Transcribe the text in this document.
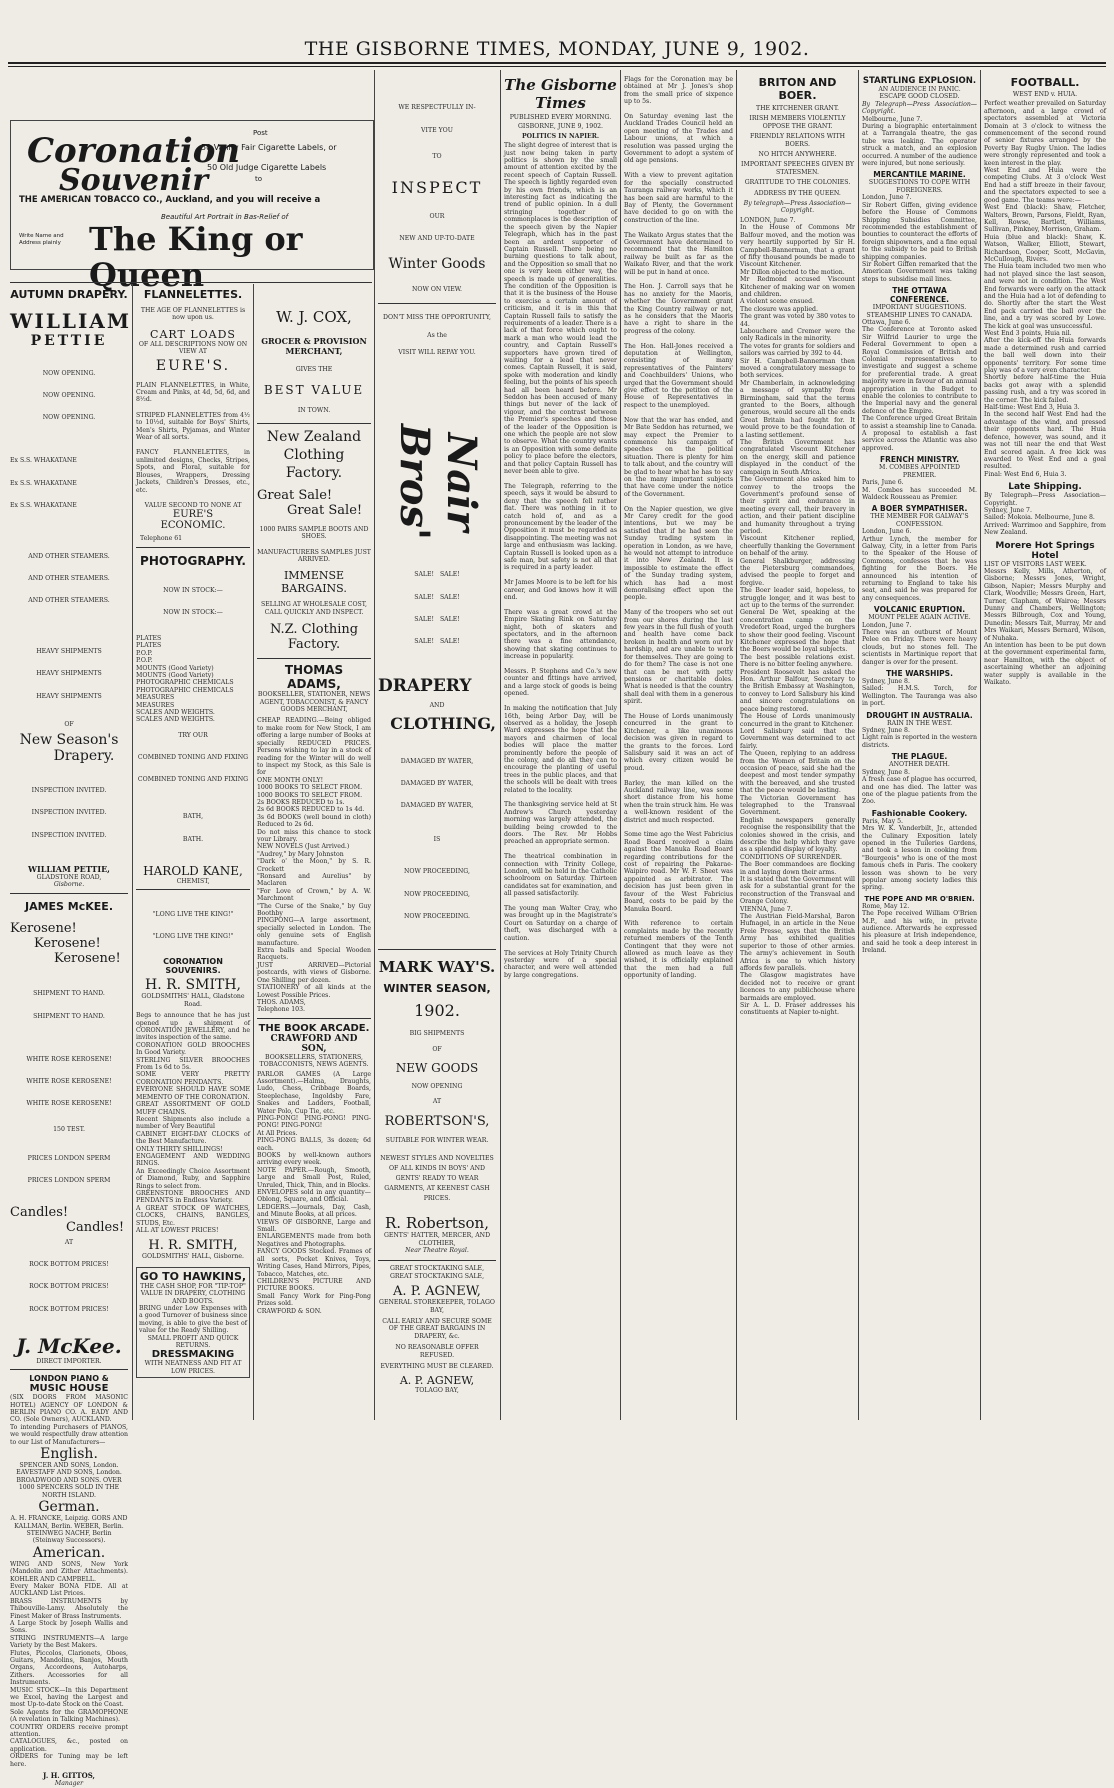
THE GISBORNE TIMES, MONDAY, JUNE 9, 1902.
Coronation
Souvenir
Post
50 Vanity Fair Cigarette Labels, or
50 Old Judge Cigarette Labels
to
THE AMERICAN TOBACCO CO., Auckland, and you will receive a
Beautiful Art Portrait in Bas-Relief of
Write Name and Address plainly The King or Queen
AUTUMN DRAPERY.
WILLIAM
PETTIE

NOW OPENING.

NOW OPENING.

NOW OPENING.

Ex S.S. WHAKATANE

Ex S.S. WHAKATANE

Ex S.S. WHAKATANE

AND OTHER STEAMERS.

AND OTHER STEAMERS.

AND OTHER STEAMERS.

HEAVY SHIPMENTS

HEAVY SHIPMENTS

HEAVY SHIPMENTS

OF
New Season's
Drapery.

INSPECTION INVITED.

INSPECTION INVITED.

INSPECTION INVITED.

WILLIAM PETTIE,
GLADSTONE ROAD,
Gisborne.
JAMES McKEE.
Kerosene!
Kerosene!
Kerosene!

SHIPMENT TO HAND.

SHIPMENT TO HAND.

WHITE ROSE KEROSENE!

WHITE ROSE KEROSENE!

WHITE ROSE KEROSENE!

150 TEST.

PRICES LONDON SPERM

PRICES LONDON SPERM

Candles!
Candles!
AT

ROCK BOTTOM PRICES!

ROCK BOTTOM PRICES!

ROCK BOTTOM PRICES!

J. McKee.
DIRECT IMPORTER.
LONDON PIANO &
MUSIC HOUSE
(SIX DOORS FROM MASONIC HOTEL) AGENCY OF LONDON & BERLIN PIANO CO. A. EADY AND CO. (Sole Owners), AUCKLAND.
To intending Purchasers of PIANOS, we would respectfully draw attention to our List of Manufacturers—
English.
SPENCER AND SONS, London. EAVESTAFF AND SONS, London. BROADWOOD AND SONS. OVER 1000 SPENCERS SOLD IN THE NORTH ISLAND.
German.
A. H. FRANCKE, Leipzig. GORS AND KALLMAN, Berlin. WEBER, Berlin. STEINWEG NACHF, Berlin (Steinway Successors).
American.
WING AND SONS, New York (Mandolin and Zither Attachments). KOHLER AND CAMPBELL.
Every Maker BONA FIDE. All at AUCKLAND List Prices.
BRASS INSTRUMENTS by Thibouville-Lamy. Absolutely the Finest Maker of Brass Instruments.
A Large Stock by Joseph Wallis and Sons.
STRING INSTRUMENTS—A large Variety by the Best Makers.
Flutes, Piccolos, Clarionets, Oboes, Guitars, Mandolins, Banjos, Mouth Organs, Accordeons, Autoharps, Zithers. Accessories for all Instruments.
MUSIC STOCK—In this Department we Excel, having the Largest and most Up-to-date Stock on the Coast.
Sole Agents for the GRAMOPHONE (A revelation in Talking Machines).
COUNTRY ORDERS receive prompt attention.
CATALOGUES, &c., posted on application.
ORDERS for Tuning may be left here.
J. H. GITTOS,
Manager
FLANNELETTES.
THE AGE OF FLANNELETTES is now upon us.
CART LOADS
OF ALL DESCRIPTIONS NOW ON VIEW AT
EURE'S.
PLAIN FLANNELETTES, in White, Cream and Pinks, at 4d, 5d, 6d, and 8½d.
STRIPED FLANNELETTES from 4½ to 10½d, suitable for Boys' Shirts, Men's Shirts, Pyjamas, and Winter Wear of all sorts.
FANCY FLANNELETTES, in unlimited designs, Checks, Stripes, Spots, and Floral, suitable for Blouses, Wrappers, Dressing Jackets, Children's Dresses, etc., etc.
VALUE SECOND TO NONE AT
EURE'S
ECONOMIC.
Telephone 61
PHOTOGRAPHY.

NOW IN STOCK:—

NOW IN STOCK:—

PLATES
PLATES
P.O.P.
P.O.P.
MOUNTS (Good Variety)
MOUNTS (Good Variety)
PHOTOGRAPHIC CHEMICALS
PHOTOGRAPHIC CHEMICALS
MEASURES
MEASURES
SCALES AND WEIGHTS.
SCALES AND WEIGHTS.
TRY OUR

COMBINED TONING AND FIXING

COMBINED TONING AND FIXING

BATH,

BATH.

HAROLD KANE,
CHEMIST,

"LONG LIVE THE KING!"

"LONG LIVE THE KING!"

CORONATION SOUVENIRS.
H. R. SMITH,
GOLDSMITHS' HALL, Gladstone Road.
Begs to announce that he has just opened up a shipment of CORONATION JEWELLERY, and he invites inspection of the same.
CORONATION GOLD BROOCHES In Good Variety.
STERLING SILVER BROOCHES From 1s 6d to 5s.
SOME VERY PRETTY CORONATION PENDANTS.
EVERYONE SHOULD HAVE SOME MEMENTO OF THE CORONATION.
GREAT ASSORTMENT OF GOLD MUFF CHAINS.
Recent Shipments also include a number of Very Beautiful
CABINET EIGHT-DAY CLOCKS of the Best Manufacture.
ONLY THIRTY SHILLINGS!
ENGAGEMENT AND WEDDING RINGS.
An Exceedingly Choice Assortment of Diamond, Ruby, and Sapphire Rings to select from.
GREENSTONE BROOCHES AND PENDANTS in Endless Variety.
A GREAT STOCK OF WATCHES, CLOCKS, CHAINS, BANGLES, STUDS, Etc.
ALL AT LOWEST PRICES!
H. R. SMITH,
GOLDSMITHS' HALL, Gisborne.
GO TO HAWKINS,
THE CASH SHOP, FOR "TIP-TOP" VALUE IN DRAPERY, CLOTHING AND BOOTS.
BRING under Low Expenses with a good Turnover of business since moving, is able to give the best of value for the Ready Shilling.
SMALL PROFIT AND QUICK RETURNS.
DRESSMAKING
WITH NEATNESS AND FIT AT LOW PRICES.
W. J. COX,
GROCER & PROVISION MERCHANT,
GIVES THE
BEST VALUE
IN TOWN.
New Zealand Clothing Factory.
Great Sale!
Great Sale!
1000 PAIRS SAMPLE BOOTS AND SHOES.
MANUFACTURERS SAMPLES JUST ARRIVED.
IMMENSE BARGAINS.
SELLING AT WHOLESALE COST, CALL QUICKLY AND INSPECT.
N.Z. Clothing Factory.
THOMAS ADAMS,
BOOKSELLER, STATIONER, NEWS AGENT, TOBACCONIST, & FANCY GOODS MERCHANT,
CHEAP READING.—Being obliged to make room for New Stock, I am offering a large number of Books at specially REDUCED PRICES. Persons wishing to lay in a stock of reading for the Winter will do well to inspect my Stock, as this Sale is for
ONE MONTH ONLY!
1000 BOOKS TO SELECT FROM.
1000 BOOKS TO SELECT FROM.
2s BOOKS REDUCED to 1s.
2s 6d BOOKS REDUCED to 1s 4d.
3s 6d BOOKS (well bound in cloth) Reduced to 2s 6d.
Do not miss this chance to stock your Library.
NEW NOVELS (Just Arrived.)
"Audrey," by Mary Johnston
"Dark o' the Moon," by S. R. Crockett
"Ronsard and Aurelius" by Maclaren
"For Love of Crown," by A. W. Marchmont
"The Curse of the Snake," by Guy Boothby
PINGPONG—A large assortment, specially selected in London. The only genuine sets of English manufacture.
Extra balls and Special Wooden Racquets.
JUST ARRIVED—Pictorial postcards, with views of Gisborne. One Shilling per dozen.
STATIONERY of all kinds at the Lowest Possible Prices.
THOS. ADAMS,
Telephone 103.
THE BOOK ARCADE.
CRAWFORD AND SON,
BOOKSELLERS, STATIONERS, TOBACCONISTS, NEWS AGENTS.
PARLOR GAMES (A Large Assortment).—Halma, Draughts, Ludo, Chess, Cribbage Boards, Steeplechase, Ingoldsby Fare, Snakes and Ladders, Football, Water Polo, Cup Tie, etc.
PING-PONG! PING-PONG! PING-PONG! PING-PONG!
At All Prices.
PING-PONG BALLS, 3s dozen; 6d each.
BOOKS by well-known authors arriving every week.
NOTE PAPER.—Rough, Smooth, Large and Small Post, Ruled, Unruled, Thick, Thin, and in Blocks.
ENVELOPES sold in any quantity—Oblong, Square, and Official.
LEDGERS.—Journals, Day, Cash, and Minute Books, at all prices.
VIEWS OF GISBORNE, Large and Small.
ENLARGEMENTS made from both Negatives and Photographs.
FANCY GOODS Stocked. Frames of all sorts, Pocket Knives, Toys, Writing Cases, Hand Mirrors, Pipes, Tobacco, Matches, etc.
CHILDREN'S PICTURE AND PICTURE BOOKS.
Small Fancy Work for Ping-Pong Prizes sold.
CRAWFORD & SON.
WE RESPECTFULLY IN-
VITE YOU
TO
INSPECT
OUR
NEW AND UP-TO-DATE
Winter Goods
NOW ON VIEW.
DON'T MISS THE OPPORTUNITY,
As the
VISIT WILL REPAY YOU.
Nair Bros'

SALE!   SALE!

SALE!   SALE!

SALE!   SALE!

SALE!   SALE!

DRAPERY
AND
CLOTHING,

DAMAGED BY WATER,

DAMAGED BY WATER,

DAMAGED BY WATER,

IS

NOW PROCEEDING,

NOW PROCEEDING,

NOW PROCEEDING.

MARK WAY'S.
WINTER SEASON,
1902.
BIG SHIPMENTS
OF
NEW GOODS
NOW OPENING
AT
ROBERTSON'S,
SUITABLE FOR WINTER WEAR.
NEWEST STYLES AND NOVELTIES OF ALL KINDS IN BOYS' AND GENTS' READY TO WEAR GARMENTS, AT KEENEST CASH PRICES.
R. Robertson,
GENTS' HATTER, MERCER, AND CLOTHIER,
Near Theatre Royal.
GREAT STOCKTAKING SALE, GREAT STOCKTAKING SALE,
A. P. AGNEW,
GENERAL STOREKEEPER, TOLAGO BAY,
CALL EARLY AND SECURE SOME OF THE GREAT BARGAINS IN DRAPERY, &c.
NO REASONABLE OFFER REFUSED.
EVERYTHING MUST BE CLEARED.
A. P. AGNEW,
TOLAGO BAY,
The Gisborne Times
PUBLISHED EVERY MORNING.
GISBORNE, JUNE 9, 1902.
POLITICS IN NAPIER.
The slight degree of interest that is just now being taken in party politics is shown by the small amount of attention excited by the recent speech of Captain Russell. The speech is lightly regarded even by his own friends, which is an interesting fact as indicating the trend of public opinion. In a dull stringing together of commonplaces is the description of the speech given by the Napier Telegraph, which has in the past been an ardent supporter of Captain Russell. There being no burning questions to talk about, and the Opposition so small that no one is very keen either way, the speech is made up of generalities. The condition of the Opposition is that it is the business of the House to exercise a certain amount of criticism, and it is in this that Captain Russell fails to satisfy the requirements of a leader. There is a lack of that force which ought to mark a man who would lead the country, and Captain Russell's supporters have grown tired of waiting for a lead that never comes. Captain Russell, it is said, spoke with moderation and kindly feeling, but the points of his speech had all been heard before. Mr Seddon has been accused of many things but never of the lack of vigour, and the contrast between the Premier's speeches and those of the leader of the Opposition is one which the people are not slow to observe. What the country wants is an Opposition with some definite policy to place before the electors, and that policy Captain Russell has never been able to give.

The Telegraph, referring to the speech, says it would be absurd to deny that the speech fell rather flat. There was nothing in it to catch hold of, and as a pronouncement by the leader of the Opposition it must be regarded as disappointing. The meeting was not large and enthusiasm was lacking. Captain Russell is looked upon as a safe man, but safety is not all that is required in a party leader.

Mr James Moore is to be left for his career, and God knows how it will end.

There was a great crowd at the Empire Skating Rink on Saturday night, both of skaters and spectators, and in the afternoon there was a fine attendance, showing that skating continues to increase in popularity.

Messrs. P. Stephens and Co.'s new counter and fittings have arrived, and a large stock of goods is being opened.

In making the notification that July 16th, being Arbor Day, will be observed as a holiday, the Joseph Ward expresses the hope that the mayors and chairmen of local bodies will place the matter prominently before the people of the colony, and do all they can to encourage the planting of useful trees in the public places, and that the schools will be dealt with trees related to the locality.

The thanksgiving service held at St Andrew's Church yesterday morning was largely attended, the building being crowded to the doors. The Rev. Mr Hobbs preached an appropriate sermon.

The theatrical combination in connection with Trinity College, London, will be held in the Catholic schoolroom on Saturday. Thirteen candidates sat for examination, and all passed satisfactorily.

The young man Walter Cray, who was brought up in the Magistrate's Court on Saturday on a charge of theft, was discharged with a caution.

The services at Holy Trinity Church yesterday were of a special character, and were well attended by large congregations.
Flags for the Coronation may be obtained at Mr J. Jones's shop from the small price of sixpence up to 5s.

On Saturday evening last the Auckland Trades Council held an open meeting of the Trades and Labour unions, at which a resolution was passed urging the Government to adopt a system of old age pensions.

With a view to prevent agitation for the specially constructed Tauranga railway works, which it has been said are harmful to the Bay of Plenty, the Government have decided to go on with the construction of the line.

The Waikato Argus states that the Government have determined to recommend that the Hamilton railway be built as far as the Waikato River, and that the work will be put in hand at once.

The Hon. J. Carroll says that he has no anxiety for the Maoris, whether the Government grant the King Country railway or not, as he considers that the Maoris have a right to share in the progress of the colony.

The Hon. Hall-Jones received a deputation at Wellington, consisting of many representatives of the Painters' and Coachbuilders' Unions, who urged that the Government should give effect to the petition of the House of Representatives in respect to the unemployed.

Now that the war has ended, and Mr Bate Seddon has returned, we may expect the Premier to commence his campaign of speeches on the political situation. There is plenty for him to talk about, and the country will be glad to hear what he has to say on the many important subjects that have come under the notice of the Government.

On the Napier question, we give Mr Carey credit for the good intentions, but we may be satisfied that if he had seen the Sunday trading system in operation in London, as we have, he would not attempt to introduce it into New Zealand. It is impossible to estimate the effect of the Sunday trading system, which has had a most demoralising effect upon the people.

Many of the troopers who set out from our shores during the last few years in the full flush of youth and health have come back broken in health and worn out by hardship, and are unable to work for themselves. They are going to do for them? The case is not one that can be met with petty pensions or charitable doles. What is needed is that the country shall deal with them in a generous spirit.

The House of Lords unanimously concurred in the grant to Kitchener, a like unanimous decision was given in regard to the grants to the forces. Lord Salisbury said it was an act of which every citizen would be proud.

Barley, the man killed on the Auckland railway line, was some short distance from his home when the train struck him. He was a well-known resident of the district and much respected.

Some time ago the West Fabricius Road Board received a claim against the Manuka Road Board regarding contributions for the cost of repairing the Pakarae-Waipiro road. Mr W. F. Sheet was appointed as arbitrator. The decision has just been given in favour of the West Fabricius Board, costs to be paid by the Manuka Board.

With reference to certain complaints made by the recently returned members of the Tenth Contingent that they were not allowed as much leave as they wished, it is officially explained that the men had a full opportunity of landing.
BRITON AND BOER.
THE KITCHENER GRANT.
IRISH MEMBERS VIOLENTLY OPPOSE THE GRANT.
FRIENDLY RELATIONS WITH BOERS.
NO HITCH ANYWHERE.
IMPORTANT SPEECHES GIVEN BY STATESMEN.
GRATITUDE TO THE COLONIES.
ADDRESS BY THE QUEEN.
By telegraph—Press Association—Copyright.
LONDON, June 7.
In the House of Commons Mr Balfour moved, and the motion was very heartily supported by Sir H. Campbell-Bannerman, that a grant of fifty thousand pounds be made to Viscount Kitchener.
Mr Dillon objected to the motion.
Mr Redmond accused Viscount Kitchener of making war on women and children.
A violent scene ensued.
The closure was applied.
The grant was voted by 380 votes to 44.
Labouchere and Cremer were the only Radicals in the minority.
The votes for grants for soldiers and sailors was carried by 392 to 44.
Sir H. Campbell-Bannerman then moved a congratulatory message to both services.
Mr Chamberlain, in acknowledging a message of sympathy from Birmingham, said that the terms granted to the Boers, although generous, would secure all the ends Great Britain had fought for. It would prove to be the foundation of a lasting settlement.
The British Government has congratulated Viscount Kitchener on the energy, skill and patience displayed in the conduct of the campaign in South Africa.
The Government also asked him to convey to the troops the Government's profound sense of their spirit and endurance in meeting every call, their bravery in action, and their patient discipline and humanity throughout a trying period.
Viscount Kitchener replied, cheerfully thanking the Government on behalf of the army.
General Shalkburger, addressing the Pietersburg commandoes, advised the people to forget and forgive.
The Boer leader said, hopeless, to struggle longer, and it was best to act up to the terms of the surrender.
General De Wet, speaking at the concentration camp on the Vredefort Road, urged the burghers to show their good feeling. Viscount Kitchener expressed the hope that the Boers would be loyal subjects.
The best possible relations exist. There is no bitter feeling anywhere.
President Roosevelt has asked the Hon. Arthur Balfour, Secretary to the British Embassy at Washington, to convey to Lord Salisbury his kind and sincere congratulations on peace being restored.
The House of Lords unanimously concurred in the grant to Kitchener.
Lord Salisbury said that the Government was determined to act fairly.
The Queen, replying to an address from the Women of Britain on the occasion of peace, said she had the deepest and most tender sympathy with the bereaved, and she trusted that the peace would be lasting.
The Victorian Government has telegraphed to the Transvaal Government.
English newspapers generally recognise the responsibility that the colonies showed in the crisis, and describe the help which they gave as a splendid display of loyalty.
CONDITIONS OF SURRENDER.
The Boer commandoes are flocking in and laying down their arms.
It is stated that the Government will ask for a substantial grant for the reconstruction of the Transvaal and Orange Colony.
VIENNA, June 7.
The Austrian Field-Marshal, Baron Hufnagel, in an article in the Neue Freie Presse, says that the British Army has exhibited qualities superior to those of other armies. The army's achievement in South Africa is one to which history affords few parallels.
The Glasgow magistrates have decided not to receive or grant licences to any publichouse where barmaids are employed.
Sir A. L. D. Fraser addresses his constituents at Napier to-night.
STARTLING EXPLOSION.
AN AUDIENCE IN PANIC.
ESCAPE GOOD CLOSED.
By Telegraph—Press Association—Copyright.
Melbourne, June 7.
During a biographic entertainment at a Tarrangala theatre, the gas tube was leaking. The operator struck a match, and an explosion occurred. A number of the audience were injured, but none seriously.
MERCANTILE MARINE.
SUGGESTIONS TO COPE WITH FOREIGNERS.
London, June 7.
Sir Robert Giffen, giving evidence before the House of Commons Shipping Subsidies Committee, recommended the establishment of bounties to counteract the efforts of foreign shipowners, and a fine equal to the subsidy to be paid to British shipping companies.
Sir Robert Giffen remarked that the American Government was taking steps to subsidise mail lines.
THE OTTAWA CONFERENCE.
IMPORTANT SUGGESTIONS.
STEAMSHIP LINES TO CANADA.
Ottawa, June 6.
The Conference at Toronto asked Sir Wilfrid Laurier to urge the Federal Government to open a Royal Commission of British and Colonial representatives to investigate and suggest a scheme for preferential trade. A great majority were in favour of an annual appropriation in the Budget to enable the colonies to contribute to the Imperial navy and the general defence of the Empire.
The Conference urged Great Britain to assist a steamship line to Canada.
A proposal to establish a fast service across the Atlantic was also approved.
FRENCH MINISTRY.
M. COMBES APPOINTED PREMIER.
Paris, June 6.
M. Combes has succeeded M. Waldeck Rousseau as Premier.
A BOER SYMPATHISER.
THE MEMBER FOR GALWAY'S CONFESSION.
London, June 6.
Arthur Lynch, the member for Galway, City, in a letter from Paris to the Speaker of the House of Commons, confesses that he was fighting for the Boers. He announced his intention of returning to England to take his seat, and said he was prepared for any consequences.
VOLCANIC ERUPTION.
MOUNT PELEE AGAIN ACTIVE.
London, June 7.
There was an outburst of Mount Pelee on Friday. There were heavy clouds, but no stones fell. The scientists in Martinique report that danger is over for the present.
THE WARSHIPS.
Sydney, June 8.
Sailed: H.M.S. Torch, for Wellington. The Tauranga was also in port.
DROUGHT IN AUSTRALIA.
RAIN IN THE WEST.
Sydney, June 8.
Light rain is reported in the western districts.
THE PLAGUE.
ANOTHER DEATH.
Sydney, June 8.
A fresh case of plague has occurred, and one has died. The latter was one of the plague patients from the Zoo.
Fashionable Cookery.
Paris, May 5.
Mrs W. K. Vanderbilt, Jr., attended the Culinary Exposition lately opened in the Tuileries Gardens, and took a lesson in cooking from "Bourgeois" who is one of the most famous chefs in Paris. The cookery lesson was shown to be very popular among society ladies this spring.
THE POPE AND MR O'BRIEN.
Rome, May 12.
The Pope received William O'Brien M.P., and his wife, in private audience. Afterwards he expressed his pleasure at Irish independence, and said he took a deep interest in Ireland.
FOOTBALL.
WEST END v. HUIA.
Perfect weather prevailed on Saturday afternoon, and a large crowd of spectators assembled at Victoria Domain at 3 o'clock to witness the commencement of the second round of senior fixtures arranged by the Poverty Bay Rugby Union. The ladies were strongly represented and took a keen interest in the play.
West End and Huia were the competing Clubs. At 3 o'clock West End had a stiff breeze in their favour, and the spectators expected to see a good game. The teams were:—
West End (black): Shaw, Fletcher, Walters, Brown, Parsons, Fieldt, Ryan, Kell, Rowse, Bartlett, Williams, Sullivan, Pinkney, Morrison, Graham.
Huia (blue and black): Shaw, K. Watson, Walker, Elliott, Stewart, Richardson, Cooper, Scott, McGavin, McCullough, Rivers.
The Huia team included two men who had not played since the last season, and were not in condition. The West End forwards were early on the attack and the Huia had a lot of defending to do. Shortly after the start the West End pack carried the ball over the line, and a try was scored by Lowe. The kick at goal was unsuccessful.
West End 3 points, Huia nil.
After the kick-off the Huia forwards made a determined rush and carried the ball well down into their opponents' territory. For some time play was of a very even character.
Shortly before half-time the Huia backs got away with a splendid passing rush, and a try was scored in the corner. The kick failed.
Half-time: West End 3, Huia 3.
In the second half West End had the advantage of the wind, and pressed their opponents hard. The Huia defence, however, was sound, and it was not till near the end that West End scored again. A free kick was awarded to West End and a goal resulted.
Final: West End 6, Huia 3.
Late Shipping.
By Telegraph—Press Association—Copyright.
Sydney, June 7.
Sailed: Mokoia. Melbourne, June 8.
Arrived: Warrimoo and Sapphire, from New Zealand.
Morere Hot Springs Hotel
LIST OF VISITORS LAST WEEK.
Messrs Kelly, Mills, Atherton, of Gisborne; Messrs Jones, Wright, Gibson, Napier; Messrs Murphy and Clark, Woodville; Messrs Green, Hart, Turner, Clapham, of Wairoa; Messrs Dunny and Chambers, Wellington; Messrs Bilbrough, Cox and Young, Dunedin; Messrs Tait, Murray, Mr and Mrs Waikari, Messrs Bernard, Wilson, of Nuhaka.
An intention has been to be put down at the government experimental farm, near Hamilton, with the object of ascertaining whether an adjoining water supply is available in the Waikato.
